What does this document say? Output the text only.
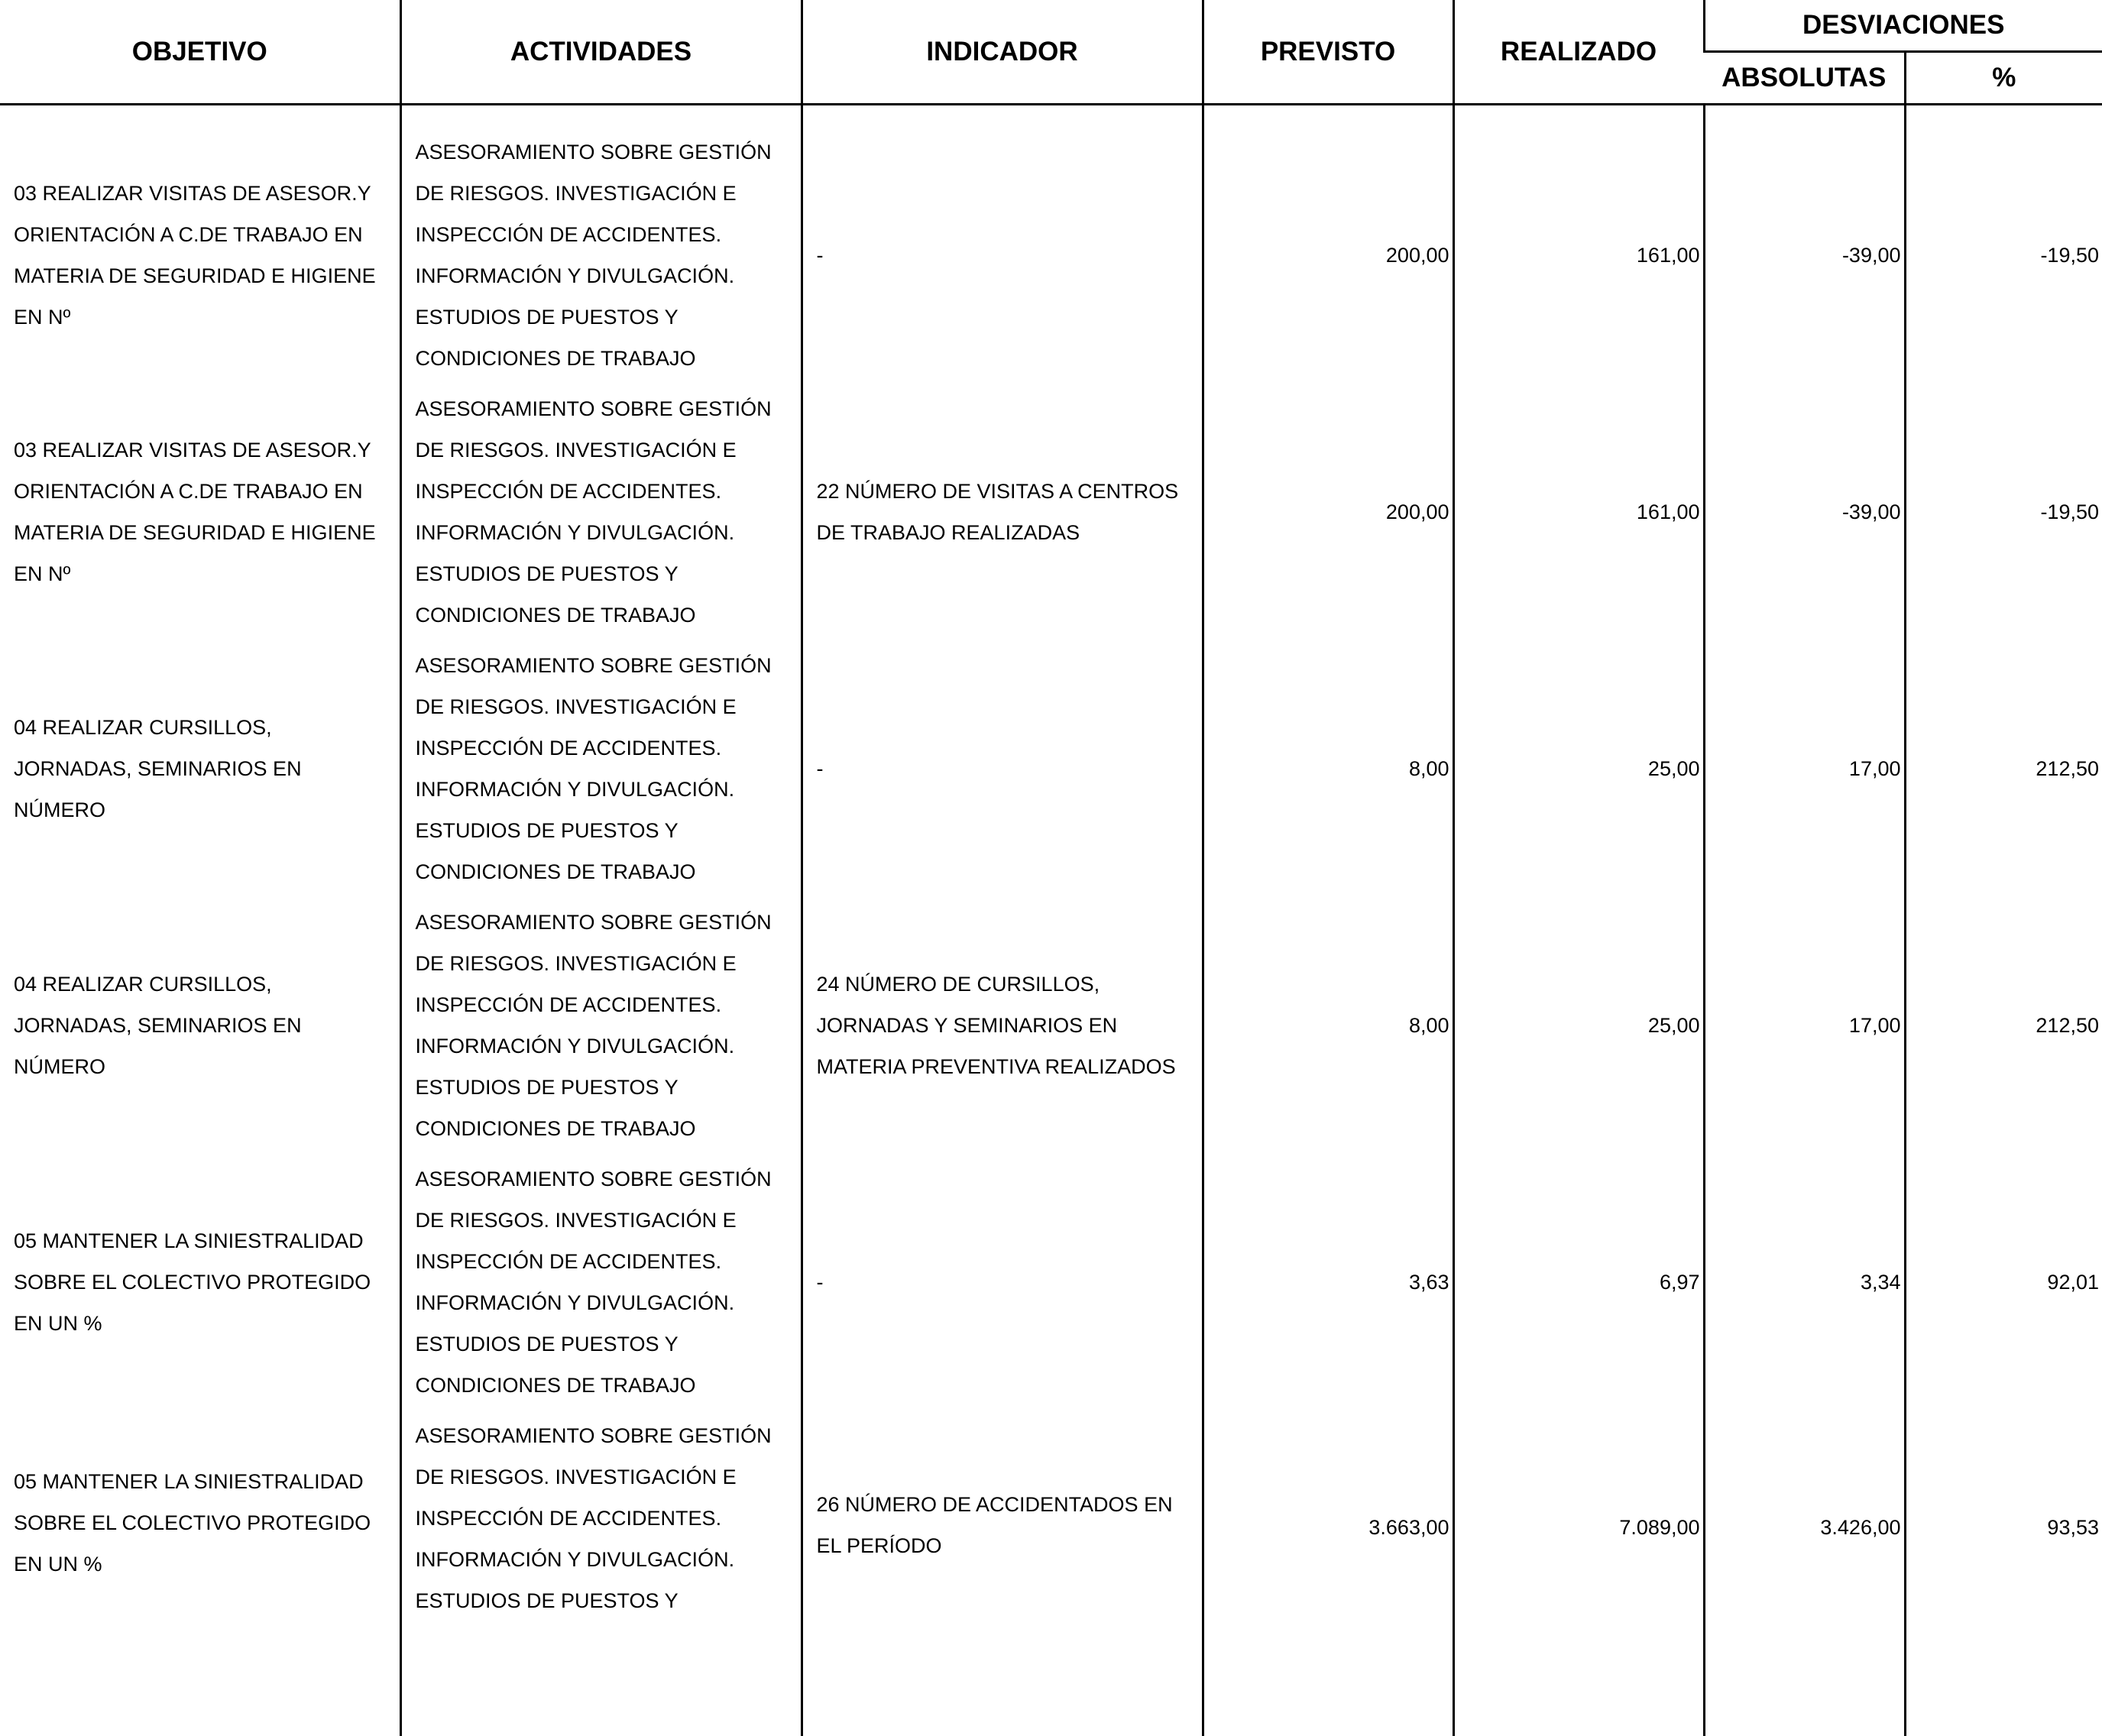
OBJETIVO	ACTIVIDADES	INDICADOR	PREVISTO	REALIZADO	DESVIACIONES	
					ABSOLUTAS	%
03 REALIZAR VISITAS DE ASESOR.Y ORIENTACIÓN A C.DE TRABAJO EN MATERIA DE SEGURIDAD E HIGIENE EN Nº	ASESORAMIENTO SOBRE GESTIÓN DE RIESGOS. INVESTIGACIÓN E INSPECCIÓN DE ACCIDENTES. INFORMACIÓN Y DIVULGACIÓN. ESTUDIOS DE PUESTOS Y CONDICIONES DE TRABAJO	-	200,00	161,00	-39,00	-19,50
03 REALIZAR VISITAS DE ASESOR.Y ORIENTACIÓN A C.DE TRABAJO EN MATERIA DE SEGURIDAD E HIGIENE EN Nº	ASESORAMIENTO SOBRE GESTIÓN DE RIESGOS. INVESTIGACIÓN E INSPECCIÓN DE ACCIDENTES. INFORMACIÓN Y DIVULGACIÓN. ESTUDIOS DE PUESTOS Y CONDICIONES DE TRABAJO	22 NÚMERO DE VISITAS A CENTROS DE TRABAJO REALIZADAS	200,00	161,00	-39,00	-19,50
04 REALIZAR CURSILLOS, JORNADAS, SEMINARIOS EN NÚMERO	ASESORAMIENTO SOBRE GESTIÓN DE RIESGOS. INVESTIGACIÓN E INSPECCIÓN DE ACCIDENTES. INFORMACIÓN Y DIVULGACIÓN. ESTUDIOS DE PUESTOS Y CONDICIONES DE TRABAJO	-	8,00	25,00	17,00	212,50
04 REALIZAR CURSILLOS, JORNADAS, SEMINARIOS EN NÚMERO	ASESORAMIENTO SOBRE GESTIÓN DE RIESGOS. INVESTIGACIÓN E INSPECCIÓN DE ACCIDENTES. INFORMACIÓN Y DIVULGACIÓN. ESTUDIOS DE PUESTOS Y CONDICIONES DE TRABAJO	24 NÚMERO DE CURSILLOS, JORNADAS Y SEMINARIOS EN MATERIA PREVENTIVA REALIZADOS	8,00	25,00	17,00	212,50
05 MANTENER LA SINIESTRALIDAD SOBRE EL COLECTIVO PROTEGIDO EN UN %	ASESORAMIENTO SOBRE GESTIÓN DE RIESGOS. INVESTIGACIÓN E INSPECCIÓN DE ACCIDENTES. INFORMACIÓN Y DIVULGACIÓN. ESTUDIOS DE PUESTOS Y CONDICIONES DE TRABAJO	-	3,63	6,97	3,34	92,01
05 MANTENER LA SINIESTRALIDAD SOBRE EL COLECTIVO PROTEGIDO EN UN %	ASESORAMIENTO SOBRE GESTIÓN DE RIESGOS. INVESTIGACIÓN E INSPECCIÓN DE ACCIDENTES. INFORMACIÓN Y DIVULGACIÓN. ESTUDIOS DE PUESTOS Y	26 NÚMERO DE ACCIDENTADOS EN EL PERÍODO	3.663,00	7.089,00	3.426,00	93,53
